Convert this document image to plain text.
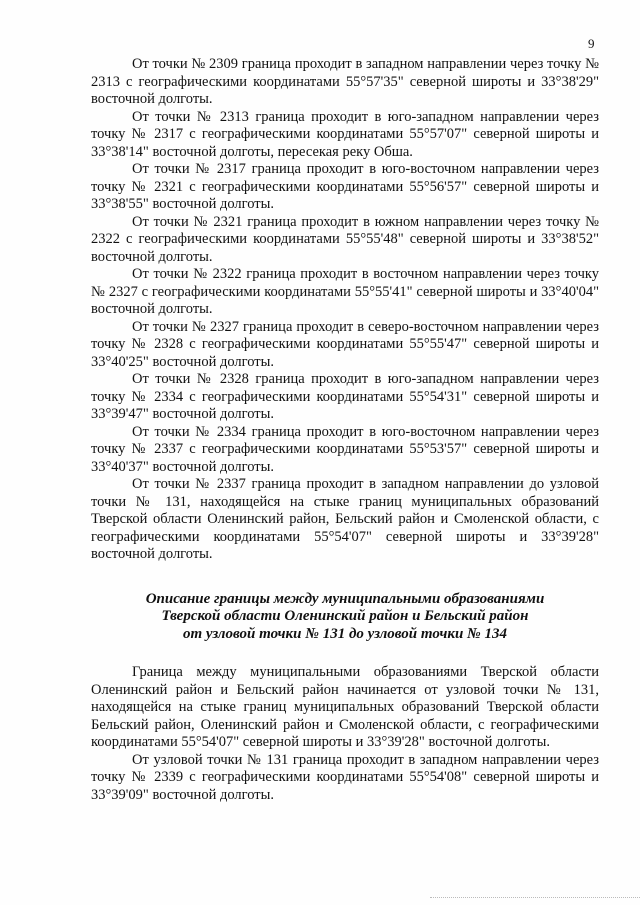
9

От точки № 2309 граница проходит в западном направлении через точку № 2313 с географическими координатами 55°57'35" северной широты и 33°38'29" восточной долготы.

От точки № 2313 граница проходит в юго-западном направлении через точку № 2317 с географическими координатами 55°57'07" северной широты и 33°38'14" восточной долготы, пересекая реку Обша.

От точки № 2317 граница проходит в юго-восточном направлении через точку № 2321 с географическими координатами 55°56'57" северной широты и 33°38'55" восточной долготы.

От точки № 2321 граница проходит в южном направлении через точку № 2322 с географическими координатами 55°55'48" северной широты и 33°38'52" восточной долготы.

От точки № 2322 граница проходит в восточном направлении через точку № 2327 с географическими координатами 55°55'41" северной широты и 33°40'04" восточной долготы.

От точки № 2327 граница проходит в северо-восточном направлении через точку № 2328 с географическими координатами 55°55'47" северной широты и 33°40'25" восточной долготы.

От точки № 2328 граница проходит в юго-западном направлении через точку № 2334 с географическими координатами 55°54'31" северной широты и 33°39'47" восточной долготы.

От точки № 2334 граница проходит в юго-восточном направлении через точку № 2337 с географическими координатами 55°53'57" северной широты и 33°40'37" восточной долготы.

От точки № 2337 граница проходит в западном направлении до узловой точки № 131, находящейся на стыке границ муниципальных образований Тверской области Оленинский район, Бельский район и Смоленской области, с географическими координатами 55°54'07" северной широты и 33°39'28" восточной долготы.

Описание границы между муниципальными образованиями
Тверской области Оленинский район и Бельский район
от узловой точки № 131 до узловой точки № 134

Граница между муниципальными образованиями Тверской области Оленинский район и Бельский район начинается от узловой точки № 131, находящейся на стыке границ муниципальных образований Тверской области Бельский район, Оленинский район и Смоленской области, с географическими координатами 55°54'07" северной широты и 33°39'28" восточной долготы.

От узловой точки № 131 граница проходит в западном направлении через точку № 2339 с географическими координатами 55°54'08" северной широты и 33°39'09" восточной долготы.
